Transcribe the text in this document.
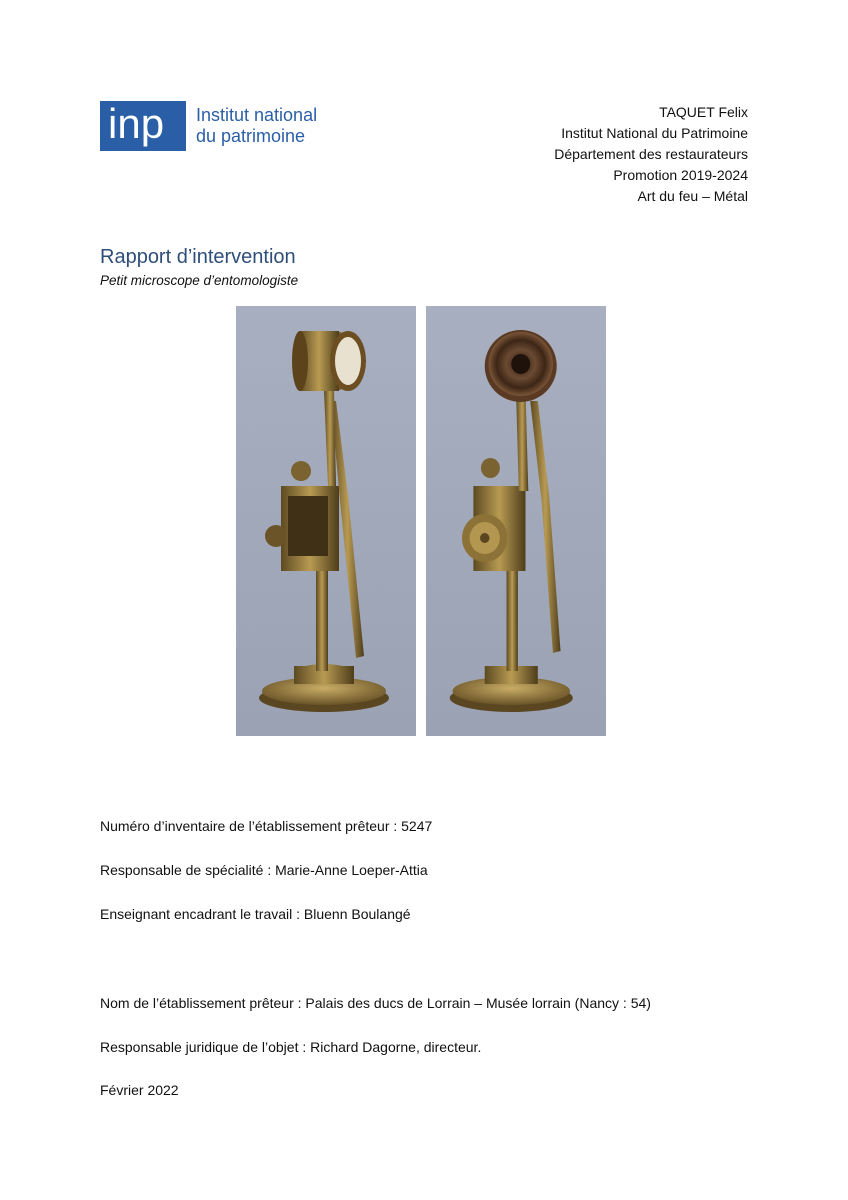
inp Institut national
du patrimoine
TAQUET Felix
Institut National du Patrimoine
Département des restaurateurs
Promotion 2019-2024
Art du feu – Métal
Rapport d’intervention
Petit microscope d’entomologiste
Numéro d’inventaire de l’établissement prêteur : 5247
Responsable de spécialité : Marie-Anne Loeper-Attia
Enseignant encadrant le travail : Bluenn Boulangé
Nom de l’établissement prêteur : Palais des ducs de Lorrain – Musée lorrain (Nancy : 54)
Responsable juridique de l’objet : Richard Dagorne, directeur.
Février 2022
